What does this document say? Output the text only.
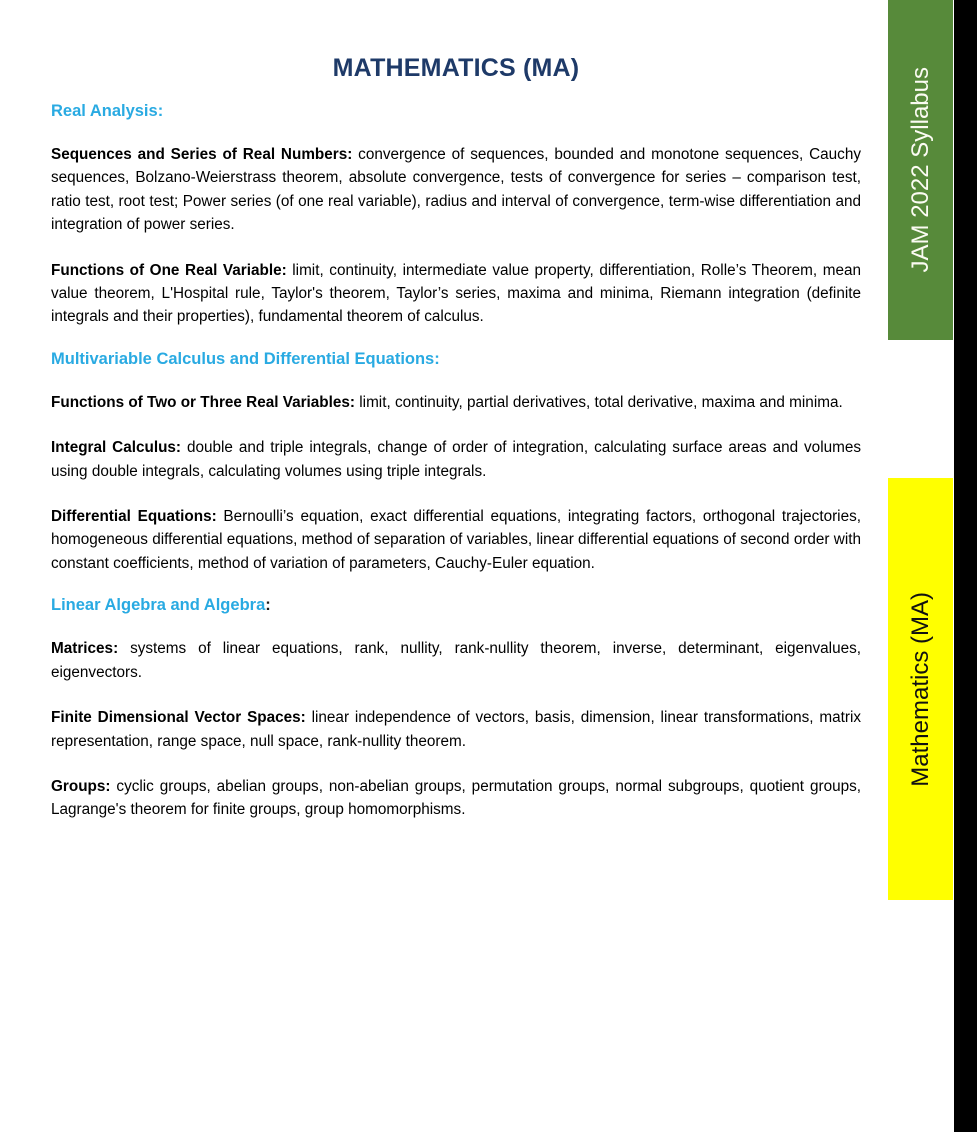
MATHEMATICS (MA)
Real Analysis:

Sequences and Series of Real Numbers: convergence of sequences, bounded and monotone sequences, Cauchy sequences, Bolzano-Weierstrass theorem, absolute convergence, tests of convergence for series – comparison test, ratio test, root test; Power series (of one real variable), radius and interval of convergence, term-wise differentiation and integration of power series.

Functions of One Real Variable: limit, continuity, intermediate value property, differentiation, Rolle’s Theorem, mean value theorem, L'Hospital rule, Taylor's theorem, Taylor’s series, maxima and minima, Riemann integration (definite integrals and their properties), fundamental theorem of calculus.

Multivariable Calculus and Differential Equations:

Functions of Two or Three Real Variables: limit, continuity, partial derivatives, total derivative, maxima and minima.

Integral Calculus: double and triple integrals, change of order of integration, calculating surface areas and volumes using double integrals, calculating volumes using triple integrals.

Differential Equations: Bernoulli’s equation, exact differential equations, integrating factors, orthogonal trajectories, homogeneous differential equations, method of separation of variables, linear differential equations of second order with constant coefficients, method of variation of parameters, Cauchy-Euler equation.

Linear Algebra and Algebra:

Matrices: systems of linear equations, rank, nullity, rank-nullity theorem, inverse, determinant, eigenvalues, eigenvectors.

Finite Dimensional Vector Spaces: linear independence of vectors, basis, dimension, linear transformations, matrix representation, range space, null space, rank-nullity theorem.

Groups: cyclic groups, abelian groups, non-abelian groups, permutation groups, normal subgroups, quotient groups, Lagrange's theorem for finite groups, group homomorphisms.

JAM 2022 Syllabus
Mathematics (MA)
